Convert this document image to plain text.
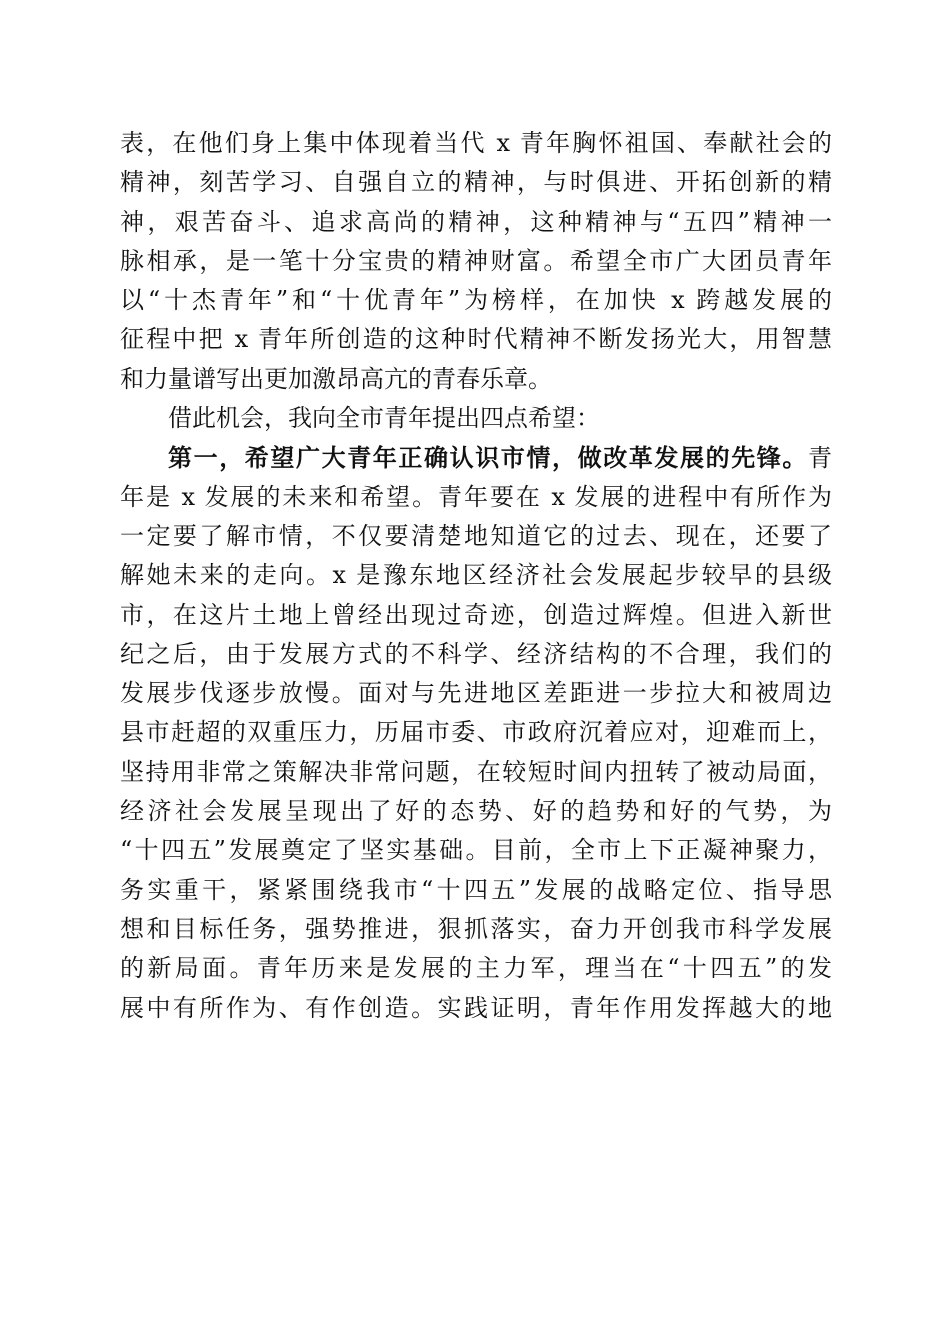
表，在他们身上集中体现着当代 x 青年胸怀祖国、奉献社会的
精神，刻苦学习、自强自立的精神，与时俱进、开拓创新的精
神，艰苦奋斗、追求高尚的精神，这种精神与“五四”精神一
脉相承，是一笔十分宝贵的精神财富。希望全市广大团员青年
以“十杰青年”和“十优青年”为榜样，在加快 x 跨越发展的
征程中把 x 青年所创造的这种时代精神不断发扬光大，用智慧
和力量谱写出更加激昂高亢的青春乐章。
借此机会，我向全市青年提出四点希望：
第一，希望广大青年正确认识市情，做改革发展的先锋。青
年是 x 发展的未来和希望。青年要在 x 发展的进程中有所作为
一定要了解市情，不仅要清楚地知道它的过去、现在，还要了
解她未来的走向。x 是豫东地区经济社会发展起步较早的县级
市，在这片土地上曾经出现过奇迹，创造过辉煌。但进入新世
纪之后，由于发展方式的不科学、经济结构的不合理，我们的
发展步伐逐步放慢。面对与先进地区差距进一步拉大和被周边
县市赶超的双重压力，历届市委、市政府沉着应对，迎难而上，
坚持用非常之策解决非常问题，在较短时间内扭转了被动局面，
经济社会发展呈现出了好的态势、好的趋势和好的气势，为
“十四五”发展奠定了坚实基础。目前，全市上下正凝神聚力，
务实重干，紧紧围绕我市“十四五”发展的战略定位、指导思
想和目标任务，强势推进，狠抓落实，奋力开创我市科学发展
的新局面。青年历来是发展的主力军，理当在“十四五”的发
展中有所作为、有作创造。实践证明，青年作用发挥越大的地
